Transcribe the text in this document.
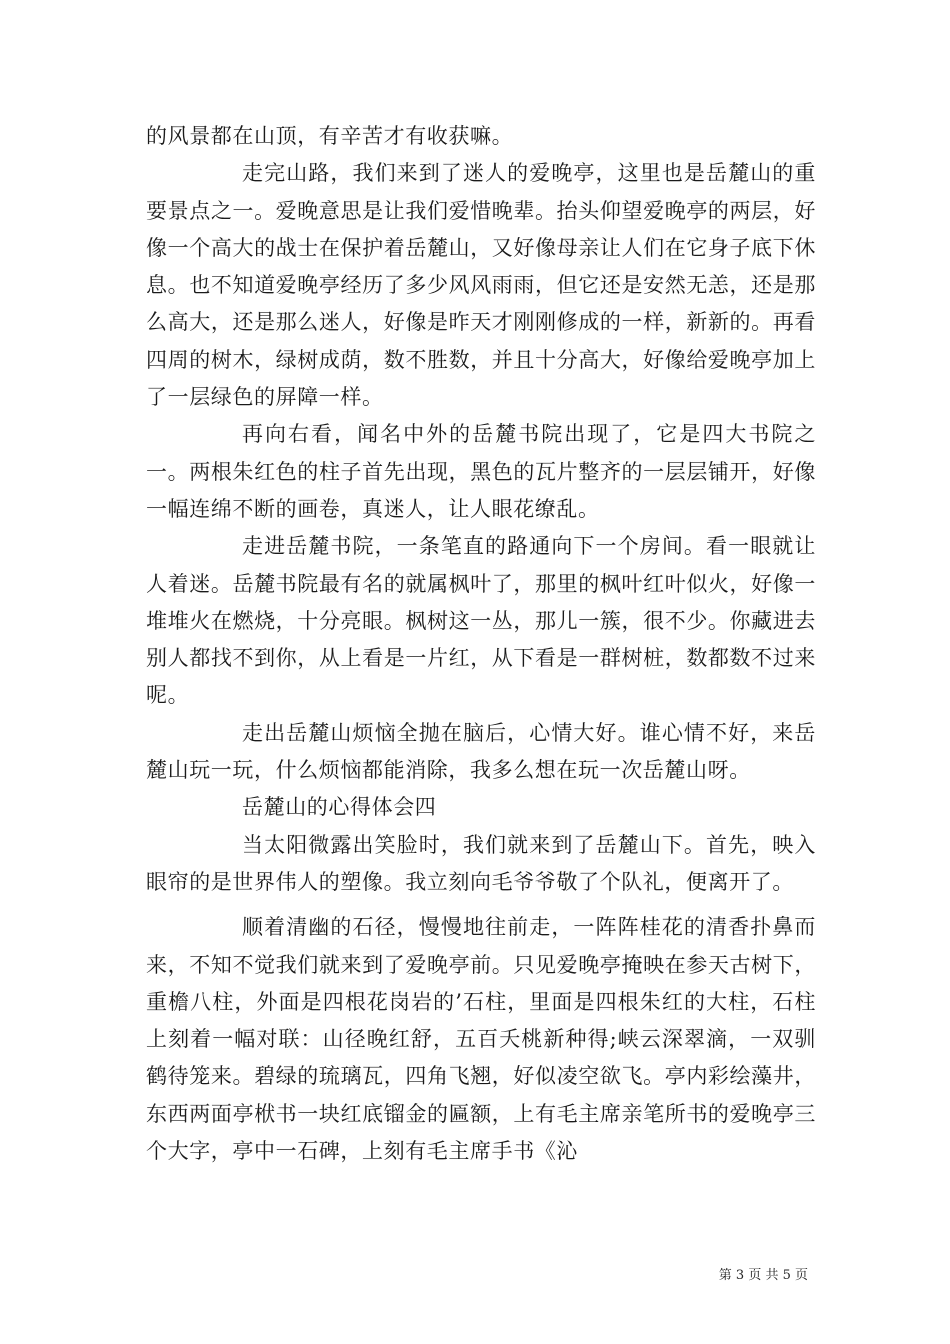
的风景都在山顶，有辛苦才有收获嘛。

走完山路，我们来到了迷人的爱晚亭，这里也是岳麓山的重要景点之一。爱晚意思是让我们爱惜晚辈。抬头仰望爱晚亭的两层，好像一个高大的战士在保护着岳麓山，又好像母亲让人们在它身子底下休息。也不知道爱晚亭经历了多少风风雨雨，但它还是安然无恙，还是那么高大，还是那么迷人，好像是昨天才刚刚修成的一样，新新的。再看四周的树木，绿树成荫，数不胜数，并且十分高大，好像给爱晚亭加上了一层绿色的屏障一样。

再向右看，闻名中外的岳麓书院出现了，它是四大书院之一。两根朱红色的柱子首先出现，黑色的瓦片整齐的一层层铺开，好像一幅连绵不断的画卷，真迷人，让人眼花缭乱。

走进岳麓书院，一条笔直的路通向下一个房间。看一眼就让人着迷。岳麓书院最有名的就属枫叶了，那里的枫叶红叶似火，好像一堆堆火在燃烧，十分亮眼。枫树这一丛，那儿一簇，很不少。你藏进去别人都找不到你，从上看是一片红，从下看是一群树桩，数都数不过来呢。

走出岳麓山烦恼全抛在脑后，心情大好。谁心情不好，来岳麓山玩一玩，什么烦恼都能消除，我多么想在玩一次岳麓山呀。

岳麓山的心得体会四

当太阳微露出笑脸时，我们就来到了岳麓山下。首先，映入眼帘的是世界伟人的塑像。我立刻向毛爷爷敬了个队礼，便离开了。

顺着清幽的石径，慢慢地往前走，一阵阵桂花的清香扑鼻而来，不知不觉我们就来到了爱晚亭前。只见爱晚亭掩映在参天古树下，重檐八柱，外面是四根花岗岩的’石柱，里面是四根朱红的大柱，石柱上刻着一幅对联：山径晚红舒，五百夭桃新种得;峡云深翠滴，一双驯鹤待笼来。碧绿的琉璃瓦，四角飞翘，好似凌空欲飞。亭内彩绘藻井，东西两面亭栿书一块红底镏金的匾额，上有毛主席亲笔所书的爱晚亭三个大字，亭中一石碑，上刻有毛主席手书《沁

第 3 页 共 5 页
